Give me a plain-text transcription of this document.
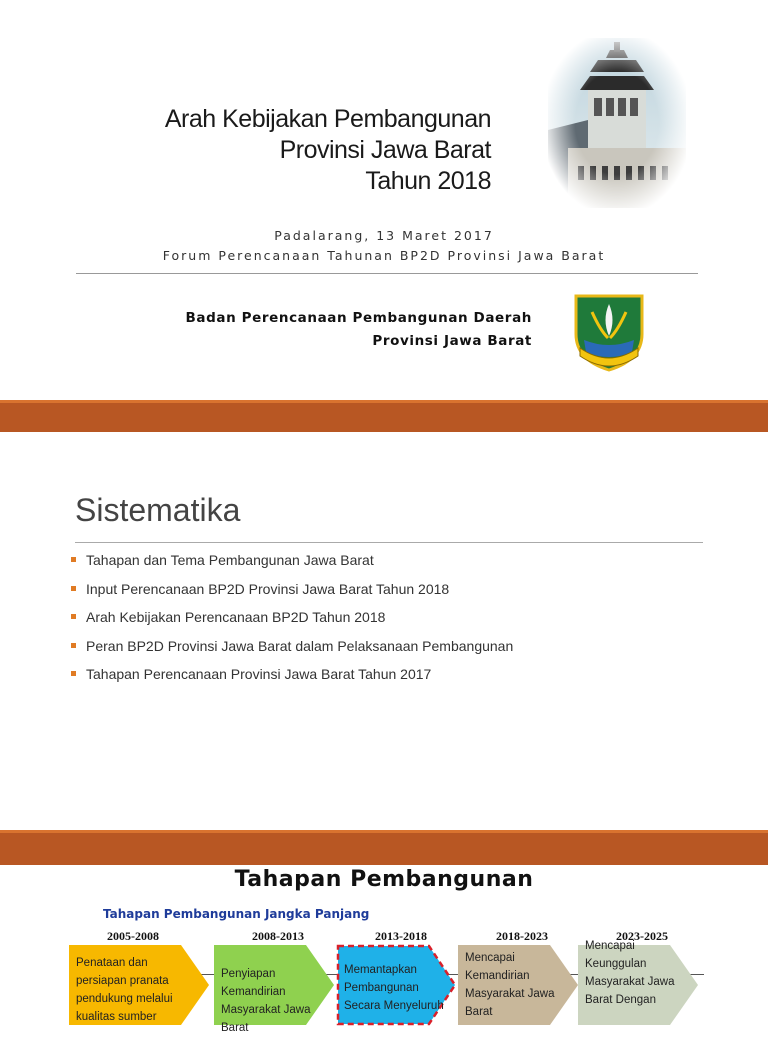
Arah Kebijakan Pembangunan
Provinsi Jawa Barat
Tahun 2018
Padalarang, 13 Maret 2017
Forum Perencanaan Tahunan BP2D Provinsi Jawa Barat
Badan Perencanaan Pembangunan Daerah
Provinsi Jawa Barat
Sistematika
Tahapan dan Tema Pembangunan Jawa Barat
Input Perencanaan BP2D Provinsi Jawa Barat Tahun 2018
Arah Kebijakan Perencanaan BP2D Tahun 2018
Peran BP2D Provinsi Jawa Barat dalam Pelaksanaan Pembangunan
Tahapan Perencanaan Provinsi Jawa Barat Tahun 2017
Tahapan Pembangunan
Tahapan Pembangunan Jangka Panjang
2005-2008
Penataan dan persiapan pranata pendukung melalui kualitas sumber
2008-2013
Penyiapan Kemandirian Masyarakat Jawa Barat
2013-2018
Memantapkan Pembangunan Secara Menyeluruh
2018-2023
Mencapai Kemandirian Masyarakat Jawa Barat
2023-2025
Mencapai Keunggulan Masyarakat Jawa Barat Dengan
